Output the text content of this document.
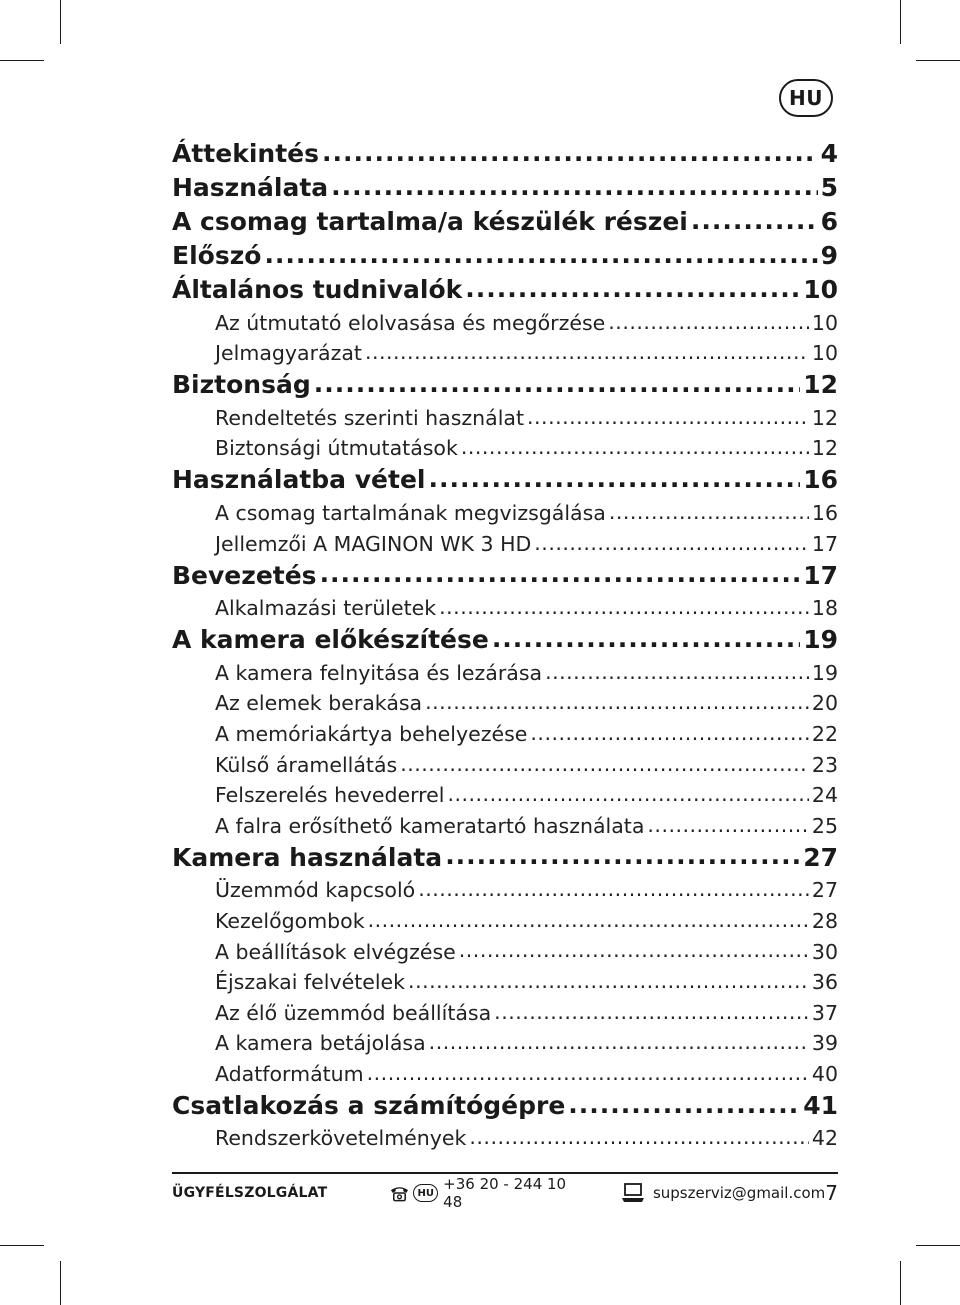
HU
Áttekintés .....	4
Használata .....	5
A csomag tartalma/a készülék részei .....	6
Előszó .....	9
Általános tudnivalók .....	10
Az útmutató elolvasása és megőrzése .....	10
Jelmagyarázat .....	10
Biztonság .....	12
Rendeltetés szerinti használat .....	12
Biztonsági útmutatások .....	12
Használatba vétel .....	16
A csomag tartalmának megvizsgálása .....	16
Jellemzői A MAGINON WK 3 HD .....	17
Bevezetés .....	17
Alkalmazási területek .....	18
A kamera előkészítése .....	19
A kamera felnyitása és lezárása .....	19
Az elemek berakása .....	20
A memóriakártya behelyezése .....	22
Külső áramellátás .....	23
Felszerelés hevederrel .....	24
A falra erősíthető kameratartó használata .....	25
Kamera használata .....	27
Üzemmód kapcsoló .....	27
Kezelőgombok .....	28
A beállítások elvégzése .....	30
Éjszakai felvételek .....	36
Az élő üzemmód beállítása .....	37
A kamera betájolása .....	39
Adatformátum .....	40
Csatlakozás a számítógépre .....	41
Rendszerkövetelmények .....	42
ÜGYFÉLSZOLGÁLAT	HU +36 20 - 244 10 48	supszerviz@gmail.com 7
